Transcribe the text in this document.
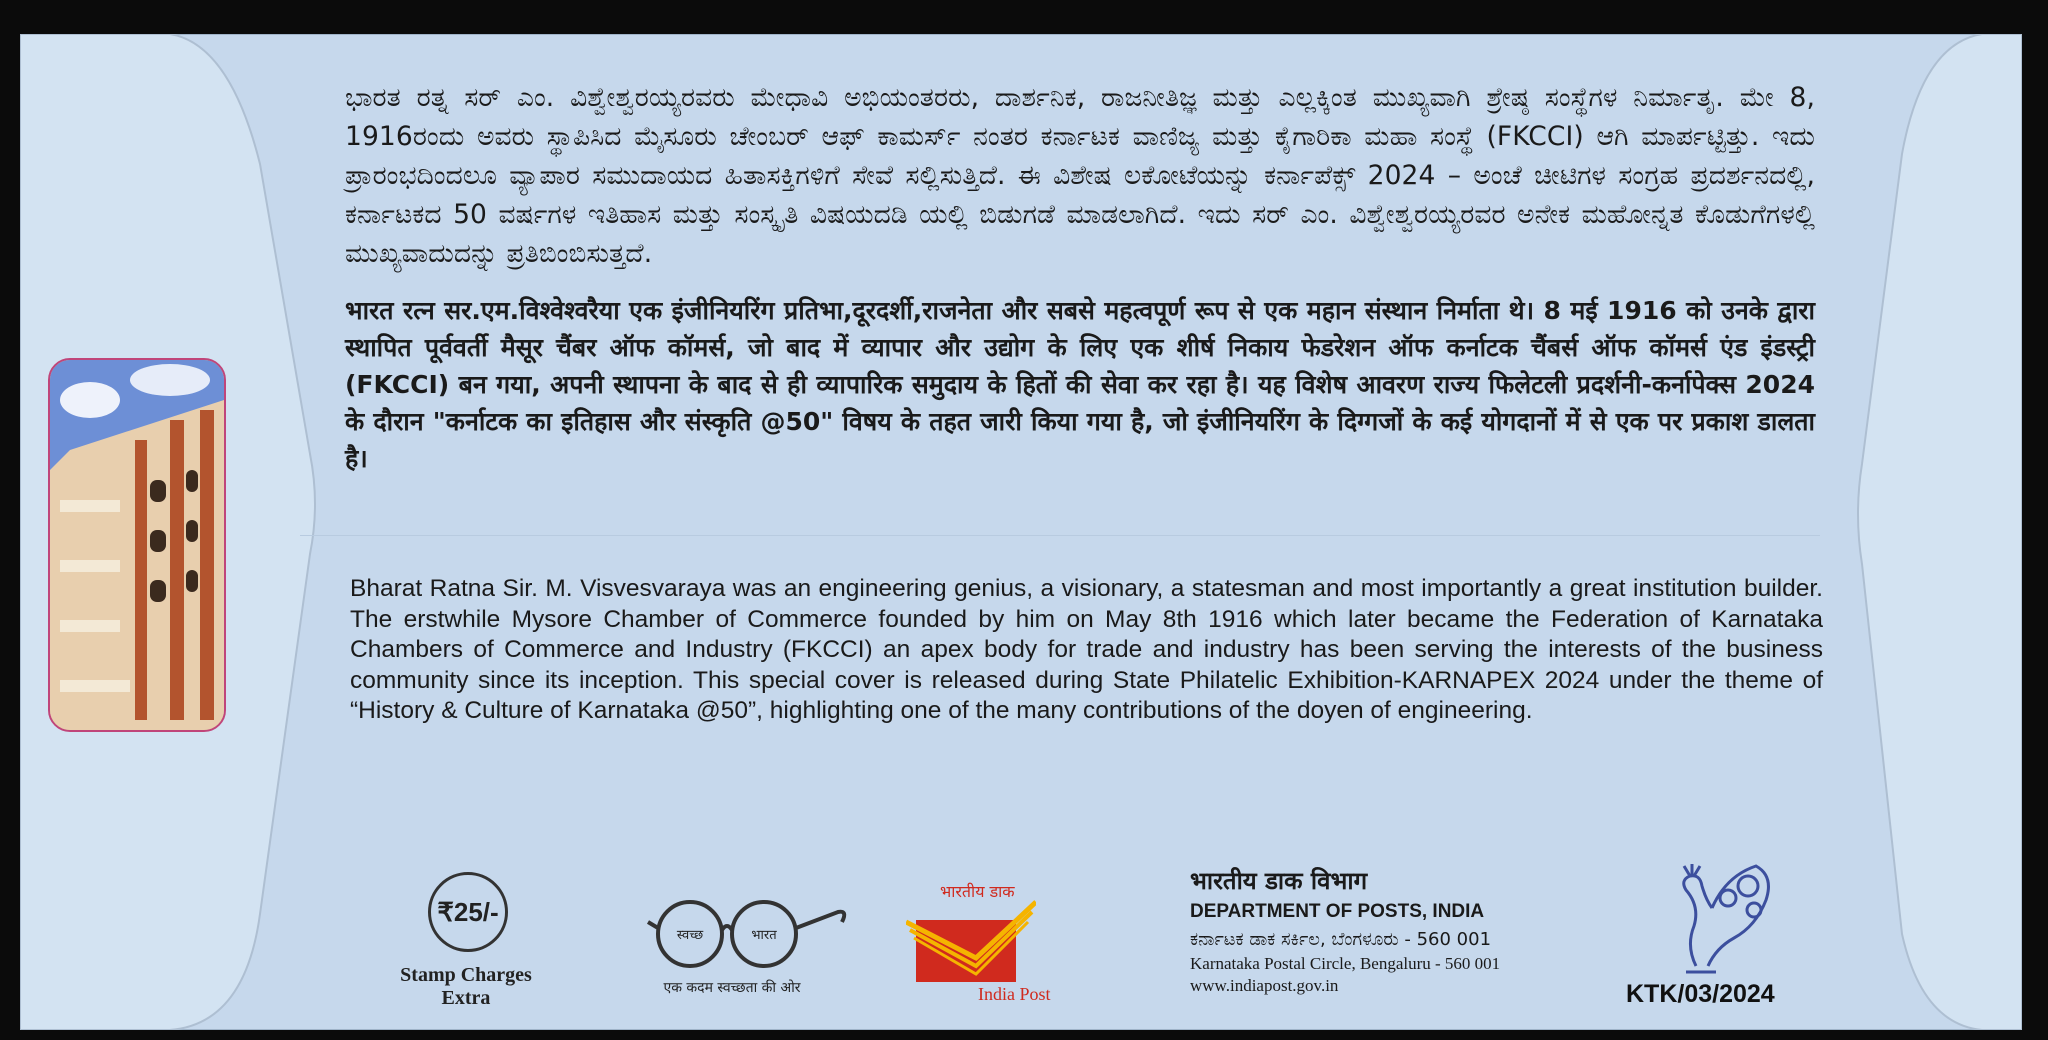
ಭಾರತ ರತ್ನ ಸರ್ ಎಂ. ವಿಶ್ವೇಶ್ವರಯ್ಯರವರು ಮೇಧಾವಿ ಅಭಿಯಂತರರು, ದಾರ್ಶನಿಕ, ರಾಜನೀತಿಜ್ಞ ಮತ್ತು ಎಲ್ಲಕ್ಕಿಂತ ಮುಖ್ಯವಾಗಿ ಶ್ರೇಷ್ಠ ಸಂಸ್ಥೆಗಳ ನಿರ್ಮಾತೃ. ಮೇ 8, 1916ರಂದು ಅವರು ಸ್ಥಾಪಿಸಿದ ಮೈಸೂರು ಚೇಂಬರ್ ಆಫ್ ಕಾಮರ್ಸ್ ನಂತರ ಕರ್ನಾಟಕ ವಾಣಿಜ್ಯ ಮತ್ತು ಕೈಗಾರಿಕಾ ಮಹಾ ಸಂಸ್ಥೆ (FKCCI) ಆಗಿ ಮಾರ್ಪಟ್ಟಿತ್ತು. ಇದು ಪ್ರಾರಂಭದಿಂದಲೂ ವ್ಯಾಪಾರ ಸಮುದಾಯದ ಹಿತಾಸಕ್ತಿಗಳಿಗೆ ಸೇವೆ ಸಲ್ಲಿಸುತ್ತಿದೆ. ಈ ವಿಶೇಷ ಲಕೋಟೆಯನ್ನು ಕರ್ನಾಪೆಕ್ಸ್ 2024 – ಅಂಚೆ ಚೀಟಿಗಳ ಸಂಗ್ರಹ ಪ್ರದರ್ಶನದಲ್ಲಿ, ಕರ್ನಾಟಕದ 50 ವರ್ಷಗಳ ಇತಿಹಾಸ ಮತ್ತು ಸಂಸ್ಕೃತಿ ವಿಷಯದಡಿ ಯಲ್ಲಿ ಬಿಡುಗಡೆ ಮಾಡಲಾಗಿದೆ. ಇದು ಸರ್ ಎಂ. ವಿಶ್ವೇಶ್ವರಯ್ಯರವರ ಅನೇಕ ಮಹೋನ್ನತ ಕೊಡುಗೆಗಳಲ್ಲಿ ಮುಖ್ಯವಾದುದನ್ನು ಪ್ರತಿಬಿಂಬಿಸುತ್ತದೆ.
भारत रत्न सर.एम.विश्वेश्वरैया एक इंजीनियरिंग प्रतिभा,दूरदर्शी,राजनेता और सबसे महत्वपूर्ण रूप से एक महान संस्थान निर्माता थे। 8 मई 1916 को उनके द्वारा स्थापित पूर्ववर्ती मैसूर चैंबर ऑफ कॉमर्स, जो बाद में व्यापार और उद्योग के लिए एक शीर्ष निकाय फेडरेशन ऑफ कर्नाटक चैंबर्स ऑफ कॉमर्स एंड इंडस्ट्री (FKCCI) बन गया, अपनी स्थापना के बाद से ही व्यापारिक समुदाय के हितों की सेवा कर रहा है। यह विशेष आवरण राज्य फिलेटली प्रदर्शनी-कर्नापेक्स 2024 के दौरान "कर्नाटक का इतिहास और संस्कृति @50" विषय के तहत जारी किया गया है, जो इंजीनियरिंग के दिग्गजों के कई योगदानों में से एक पर प्रकाश डालता है।
Bharat Ratna Sir. M. Visvesvaraya was an engineering genius, a visionary, a statesman and most importantly a great institution builder. The erstwhile Mysore Chamber of Commerce founded by him on May 8th 1916 which later became the Federation of Karnataka Chambers of Commerce and Industry (FKCCI) an apex body for trade and industry has been serving the interests of the business community since its inception. This special cover is released during State Philatelic Exhibition-KARNAPEX 2024 under the theme of “History & Culture of Karnataka @50”, highlighting one of the many contributions of the doyen of engineering.
₹25/-
Stamp Charges Extra
स्वच्छ	भारत
एक कदम स्वच्छता की ओर
भारतीय डाक
India Post
भारतीय डाक विभाग
DEPARTMENT OF POSTS, INDIA
ಕರ್ನಾಟಕ ಡಾಕ ಸರ್ಕಿಲ, ಬೆಂಗಳೂರು - 560 001
Karnataka Postal Circle, Bengaluru - 560 001
www.indiapost.gov.in	KTK/03/2024
